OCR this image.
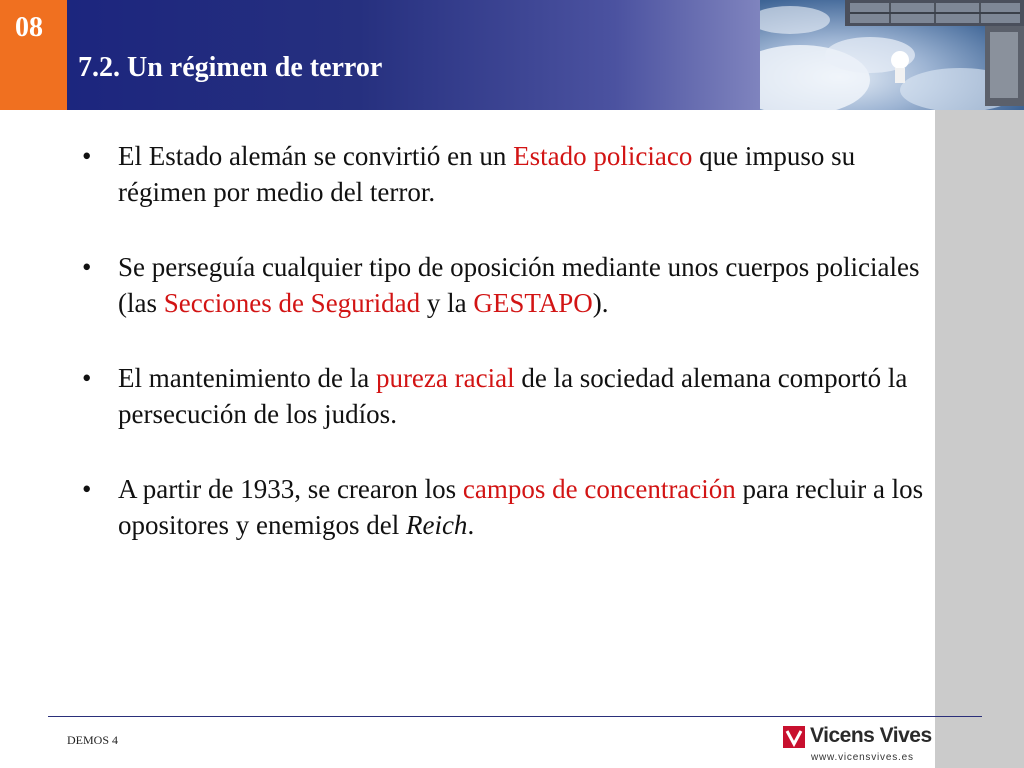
08
7.2. Un régimen de terror
• El Estado alemán se convirtió en un Estado policiaco que impuso su régimen por medio del terror.
• Se perseguía cualquier tipo de oposición mediante unos cuerpos policiales (las Secciones de Seguridad y la GESTAPO).
• El mantenimiento de la pureza racial de la sociedad alemana comportó la persecución de los judíos.
• A partir de 1933, se crearon los campos de concentración para recluir a los opositores y enemigos del Reich.
DEMOS 4	Vicens Vives
www.vicensvives.es
